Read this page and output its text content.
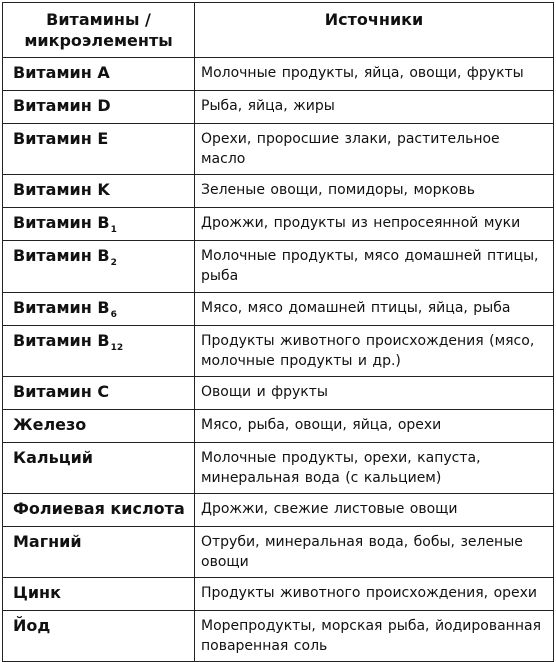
Витамины /
микроэлементы	Источники
Витамин A	Молочные продукты, яйца, овощи, фрукты
Витамин D	Рыба, яйца, жиры
Витамин E	Орехи, проросшие злаки, растительное масло
Витамин K	Зеленые овощи, помидоры, морковь
Витамин $B_1$	Дрожжи, продукты из непросеянной муки
Витамин $B_2$	Молочные продукты, мясо домашней птицы, рыба
Витамин $B_6$	Мясо, мясо домашней птицы, яйца, рыба
Витамин $B_{12}$	Продукты животного происхождения (мясо, молочные продукты и др.)
Витамин C	Овощи и фрукты
Железо	Мясо, рыба, овощи, яйца, орехи
Кальций	Молочные продукты, орехи, капуста, минеральная вода (с кальцием)
Фолиевая кислота	Дрожжи, свежие листовые овощи
Магний	Отруби, минеральная вода, бобы, зеленые овощи
Цинк	Продукты животного происхождения, орехи
Йод	Морепродукты, морская рыба, йодированная поваренная соль
